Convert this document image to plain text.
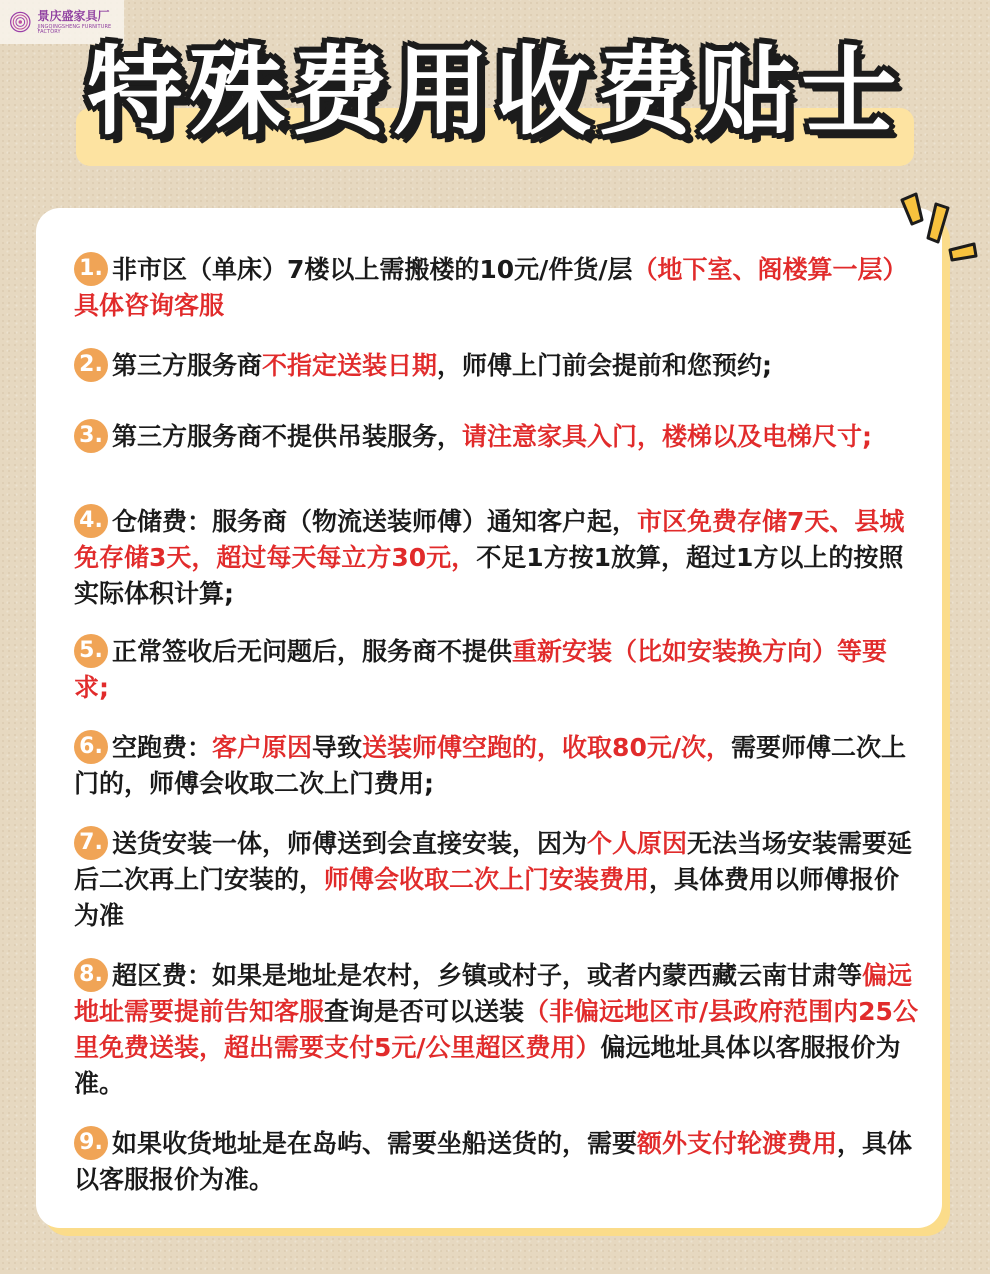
景庆盛家具厂
JINGQINGSHENG FURNITURE FACTORY
特殊费用收费贴士
1. 非市区（单床）7楼以上需搬楼的10元/件货/层（地下室、阁楼算一层）具体咨询客服
2. 第三方服务商不指定送装日期，师傅上门前会提前和您预约;
3. 第三方服务商不提供吊装服务，请注意家具入门，楼梯以及电梯尺寸;
4. 仓储费：服务商（物流送装师傅）通知客户起，市区免费存储7天、县城免存储3天，超过每天每立方30元，不足1方按1放算，超过1方以上的按照实际体积计算;
5. 正常签收后无问题后，服务商不提供重新安装（比如安装换方向）等要求;
6. 空跑费：客户原因导致送装师傅空跑的，收取80元/次，需要师傅二次上门的，师傅会收取二次上门费用;
7. 送货安装一体，师傅送到会直接安装，因为个人原因无法当场安装需要延后二次再上门安装的，师傅会收取二次上门安装费用，具体费用以师傅报价为准
8. 超区费：如果是地址是农村，乡镇或村子，或者内蒙西藏云南甘肃等偏远地址需要提前告知客服查询是否可以送装（非偏远地区市/县政府范围内25公里免费送装，超出需要支付5元/公里超区费用）偏远地址具体以客服报价为准。
9. 如果收货地址是在岛屿、需要坐船送货的，需要额外支付轮渡费用，具体以客服报价为准。
